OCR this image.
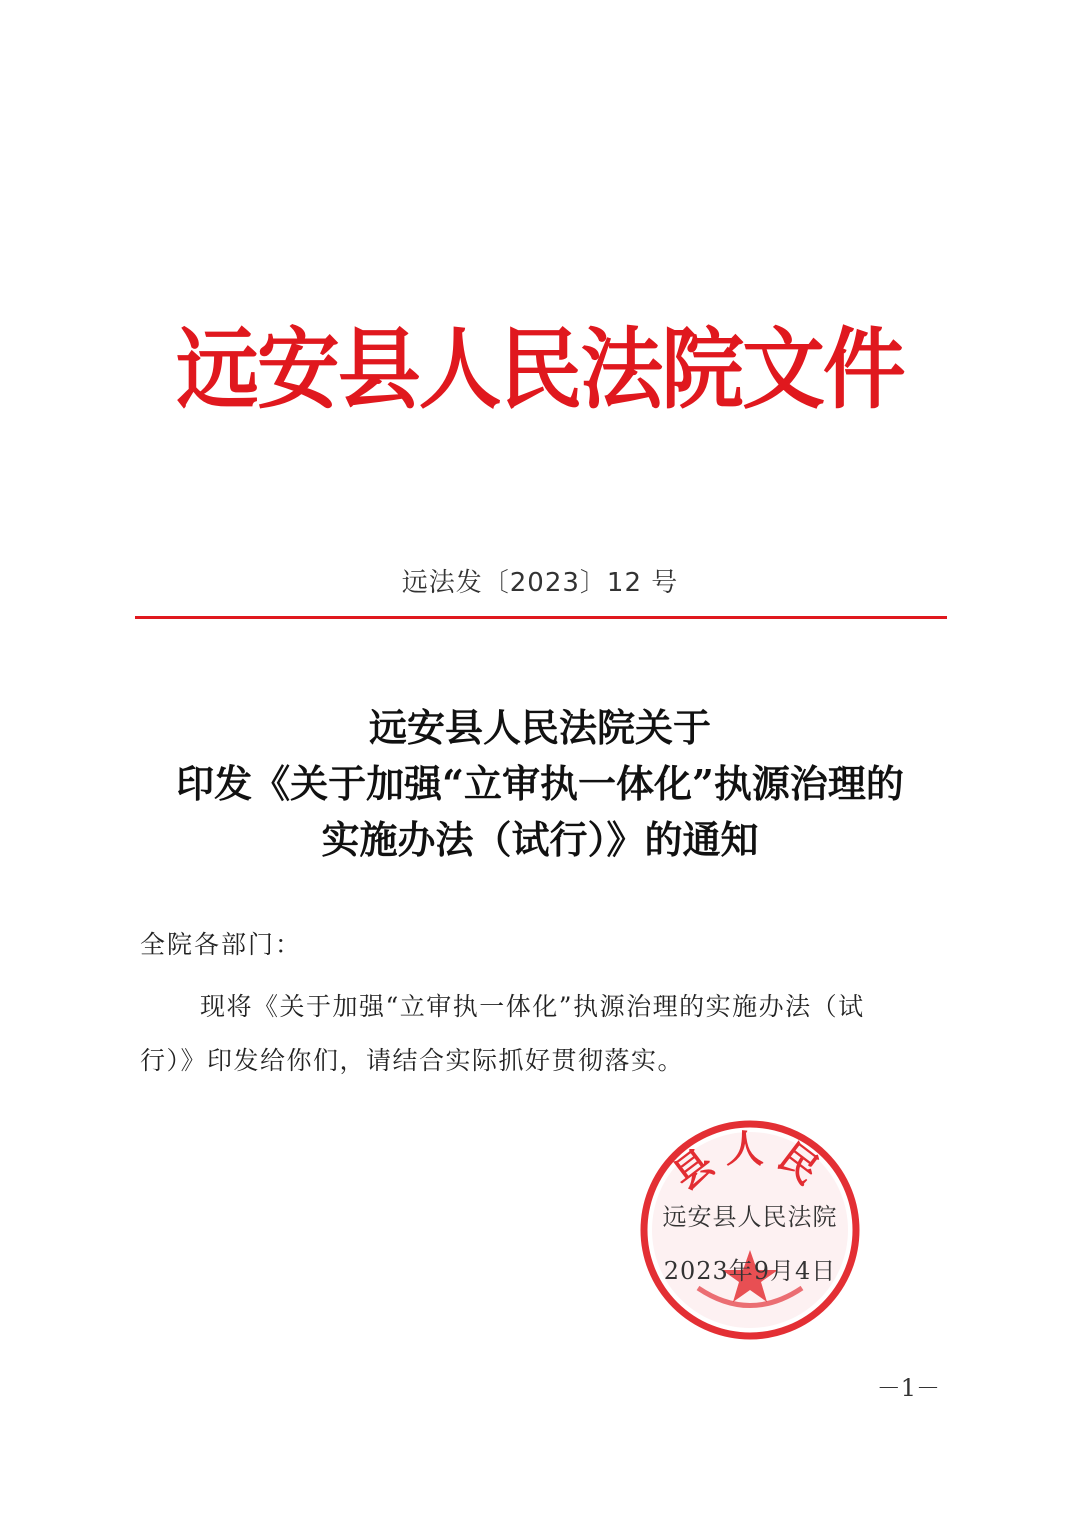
远安县人民法院文件
远法发〔2023〕12 号
远安县人民法院关于
印发《关于加强“立审执一体化”执源治理的
实施办法（试行）》的通知
全院各部门：
现将《关于加强“立审执一体化”执源治理的实施办法（试
行）》印发给你们，请结合实际抓好贯彻落实。
县人民
远安县人民法院
2023年9月4日
－1－
